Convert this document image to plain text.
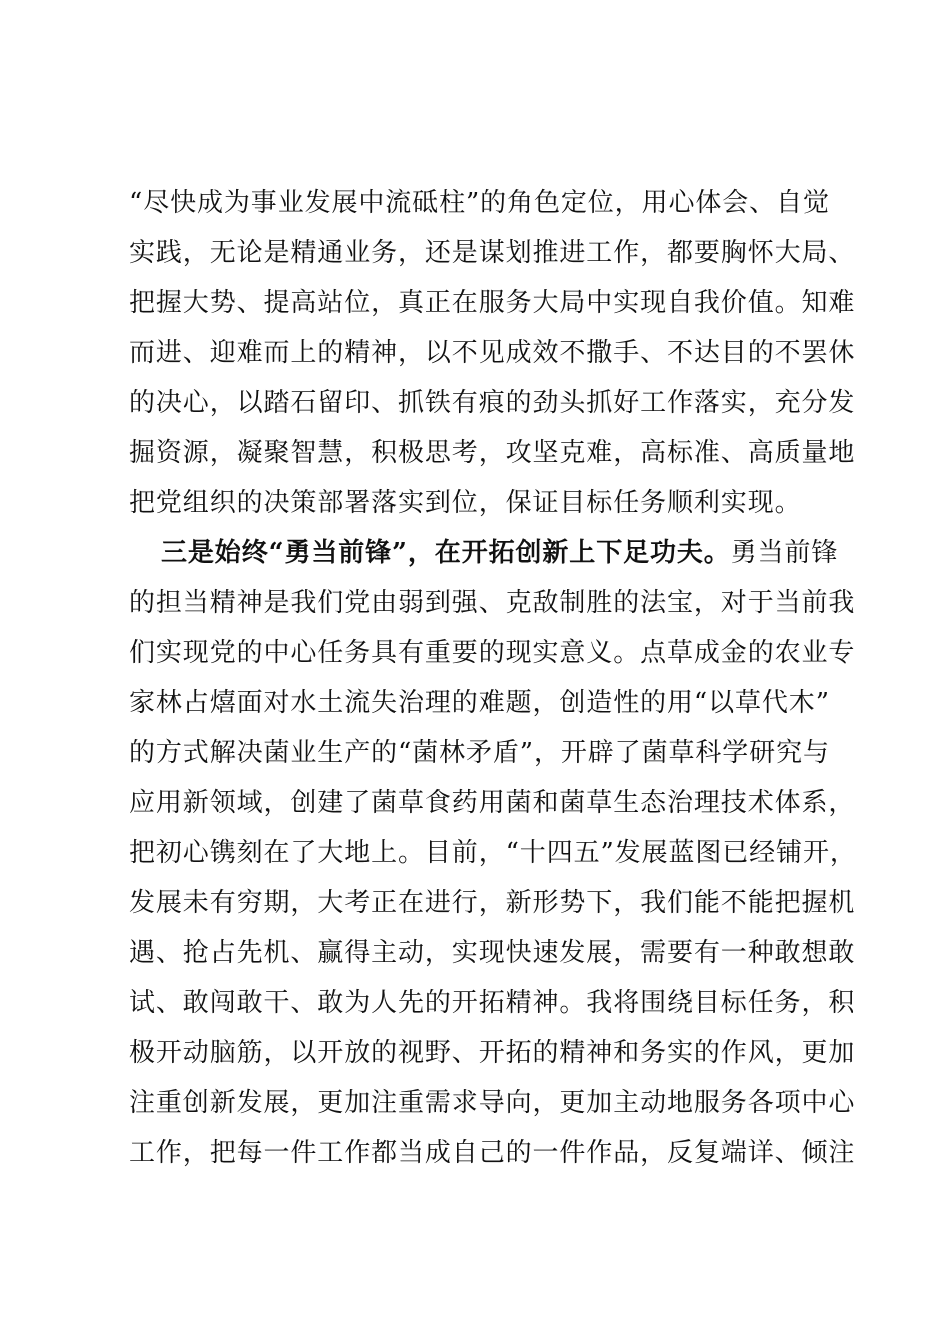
“尽快成为事业发展中流砥柱”的角色定位，用心体会、自觉
实践，无论是精通业务，还是谋划推进工作，都要胸怀大局、
把握大势、提高站位，真正在服务大局中实现自我价值。知难
而进、迎难而上的精神，以不见成效不撒手、不达目的不罢休
的决心，以踏石留印、抓铁有痕的劲头抓好工作落实，充分发
掘资源，凝聚智慧，积极思考，攻坚克难，高标准、高质量地
把党组织的决策部署落实到位，保证目标任务顺利实现。
三是始终“勇当前锋”，在开拓创新上下足功夫。勇当前锋
的担当精神是我们党由弱到强、克敌制胜的法宝，对于当前我
们实现党的中心任务具有重要的现实意义。点草成金的农业专
家林占熺面对水土流失治理的难题，创造性的用“以草代木”
的方式解决菌业生产的“菌林矛盾”，开辟了菌草科学研究与
应用新领域，创建了菌草食药用菌和菌草生态治理技术体系，
把初心镌刻在了大地上。目前，“十四五”发展蓝图已经铺开，
发展未有穷期，大考正在进行，新形势下，我们能不能把握机
遇、抢占先机、赢得主动，实现快速发展，需要有一种敢想敢
试、敢闯敢干、敢为人先的开拓精神。我将围绕目标任务，积
极开动脑筋，以开放的视野、开拓的精神和务实的作风，更加
注重创新发展，更加注重需求导向，更加主动地服务各项中心
工作，把每一件工作都当成自己的一件作品，反复端详、倾注
